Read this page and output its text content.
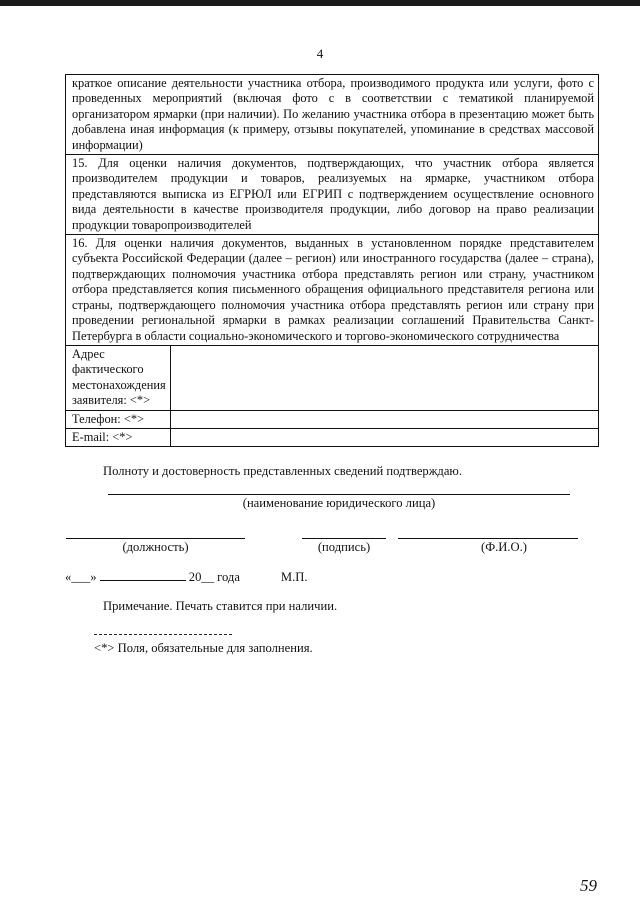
4
краткое описание деятельности участника отбора, производимого продукта или услуги, фото с проведенных мероприятий (включая фото с в соответствии с тематикой планируемой организатором ярмарки (при наличии). По желанию участника отбора в презентацию может быть добавлена иная информация (к примеру, отзывы покупателей, упоминание в средствах массовой информации)	
15. Для оценки наличия документов, подтверждающих, что участник отбора является производителем продукции и товаров, реализуемых на ярмарке, участником отбора представляются выписка из ЕГРЮЛ или ЕГРИП с подтверждением осуществление основного вида деятельности в качестве производителя продукции, либо договор на право реализации продукции товаропроизводителей	
16. Для оценки наличия документов, выданных в установленном порядке представителем субъекта Российской Федерации (далее – регион) или иностранного государства (далее – страна), подтверждающих полномочия участника отбора представлять регион или страну, участником отбора представляется копия письменного обращения официального представителя региона или страны, подтверждающего полномочия участника отбора представлять регион или страну при проведении региональной ярмарки в рамках реализации соглашений Правительства Санкт-Петербурга в области социально-экономического и торгово-экономического сотрудничества	
Адрес фактического местонахождения заявителя: <*>	
Телефон: <*>	
E-mail: <*>	
Полноту и достоверность представленных сведений подтверждаю.
(наименование юридического лица)
(должность)	(подпись)	(Ф.И.О.)
«___»	20__ года	М.П.
Примечание. Печать ставится при наличии.
<*> Поля, обязательные для заполнения.
59
